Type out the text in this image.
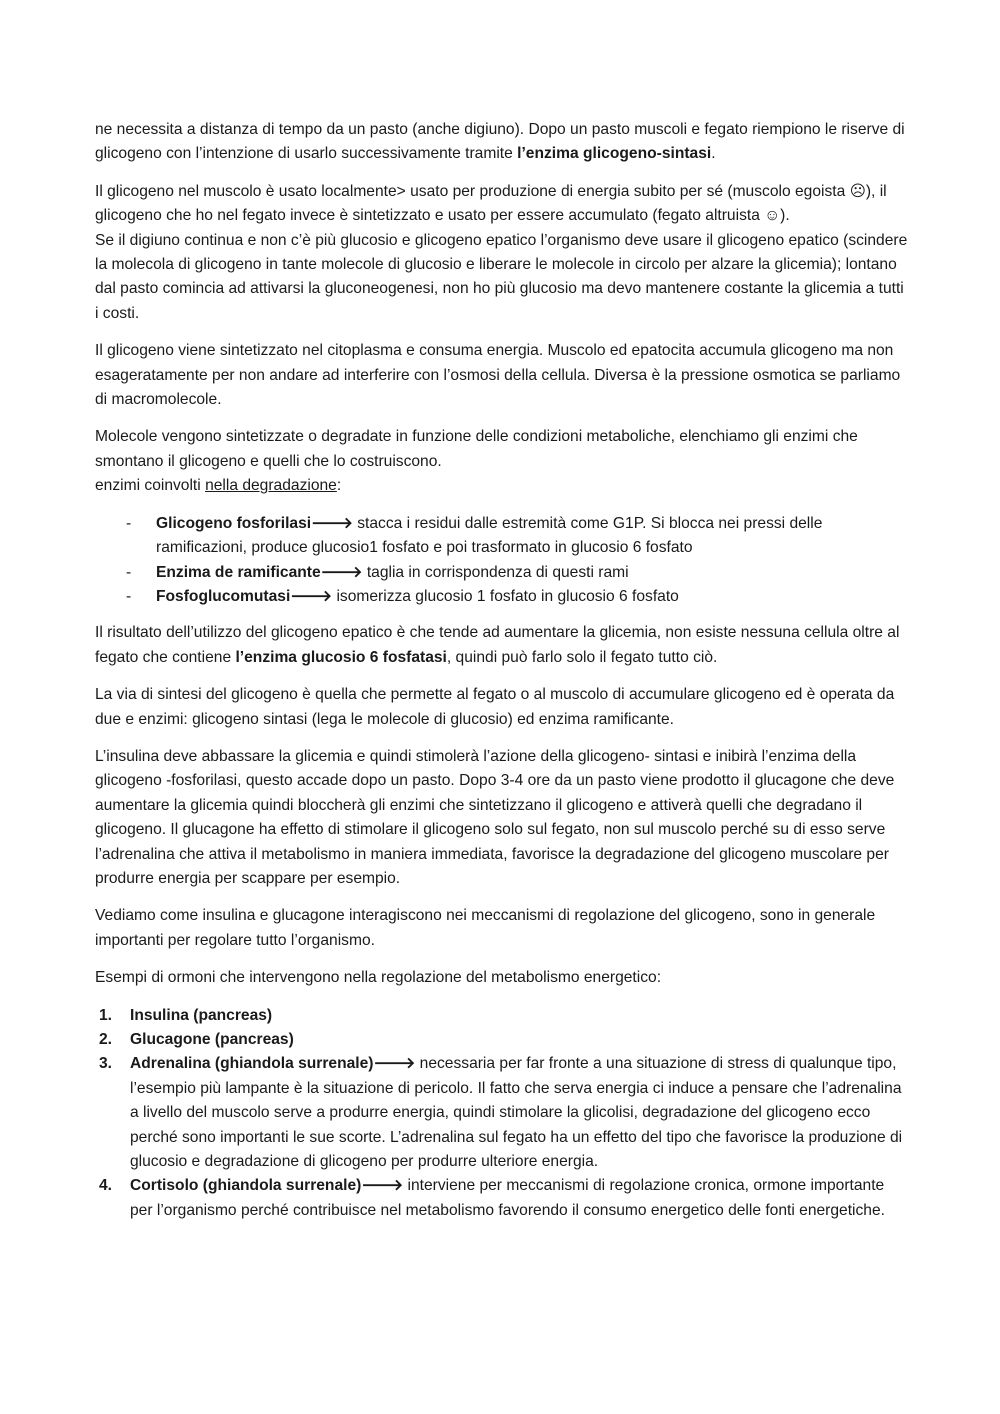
ne necessita a distanza di tempo da un pasto (anche digiuno). Dopo un pasto muscoli e fegato riempiono le riserve di glicogeno con l’intenzione di usarlo successivamente tramite l’enzima glicogeno-sintasi.

Il glicogeno nel muscolo è usato localmente> usato per produzione di energia subito per sé (muscolo egoista ☹), il glicogeno che ho nel fegato invece è sintetizzato e usato per essere accumulato (fegato altruista ☺).
Se il digiuno continua e non c’è più glucosio e glicogeno epatico l’organismo deve usare il glicogeno epatico (scindere la molecola di glicogeno in tante molecole di glucosio e liberare le molecole in circolo per alzare la glicemia); lontano dal pasto comincia ad attivarsi la gluconeogenesi, non ho più glucosio ma devo mantenere costante la glicemia a tutti i costi.

Il glicogeno viene sintetizzato nel citoplasma e consuma energia. Muscolo ed epatocita accumula glicogeno ma non esageratamente per non andare ad interferire con l’osmosi della cellula. Diversa è la pressione osmotica se parliamo di macromolecole.

Molecole vengono sintetizzate o degradate in funzione delle condizioni metaboliche, elenchiamo gli enzimi che smontano il glicogeno e quelli che lo costruiscono.
enzimi coinvolti nella degradazione:

- Glicogeno fosforilasi🡒 stacca i residui dalle estremità come G1P. Si blocca nei pressi delle ramificazioni, produce glucosio1 fosfato e poi trasformato in glucosio 6 fosfato
- Enzima de ramificante🡒 taglia in corrispondenza di questi rami
- Fosfoglucomutasi🡒 isomerizza glucosio 1 fosfato in glucosio 6 fosfato

Il risultato dell’utilizzo del glicogeno epatico è che tende ad aumentare la glicemia, non esiste nessuna cellula oltre al fegato che contiene l’enzima glucosio 6 fosfatasi, quindi può farlo solo il fegato tutto ciò.

La via di sintesi del glicogeno è quella che permette al fegato o al muscolo di accumulare glicogeno ed è operata da due e enzimi: glicogeno sintasi (lega le molecole di glucosio) ed enzima ramificante.

L’insulina deve abbassare la glicemia e quindi stimolerà l’azione della glicogeno- sintasi e inibirà l’enzima della glicogeno -fosforilasi, questo accade dopo un pasto. Dopo 3-4 ore da un pasto viene prodotto il glucagone che deve aumentare la glicemia quindi bloccherà gli enzimi che sintetizzano il glicogeno e attiverà quelli che degradano il glicogeno. Il glucagone ha effetto di stimolare il glicogeno solo sul fegato, non sul muscolo perché su di esso serve l’adrenalina che attiva il metabolismo in maniera immediata, favorisce la degradazione del glicogeno muscolare per produrre energia per scappare per esempio.

Vediamo come insulina e glucagone interagiscono nei meccanismi di regolazione del glicogeno, sono in generale importanti per regolare tutto l’organismo.

Esempi di ormoni che intervengono nella regolazione del metabolismo energetico:

1. Insulina (pancreas)
2. Glucagone (pancreas)
3. Adrenalina (ghiandola surrenale)🡒 necessaria per far fronte a una situazione di stress di qualunque tipo, l’esempio più lampante è la situazione di pericolo. Il fatto che serva energia ci induce a pensare che l’adrenalina a livello del muscolo serve a produrre energia, quindi stimolare la glicolisi, degradazione del glicogeno ecco perché sono importanti le sue scorte. L’adrenalina sul fegato ha un effetto del tipo che favorisce la produzione di glucosio e degradazione di glicogeno per produrre ulteriore energia.
4. Cortisolo (ghiandola surrenale)🡒 interviene per meccanismi di regolazione cronica, ormone importante per l’organismo perché contribuisce nel metabolismo favorendo il consumo energetico delle fonti energetiche.
